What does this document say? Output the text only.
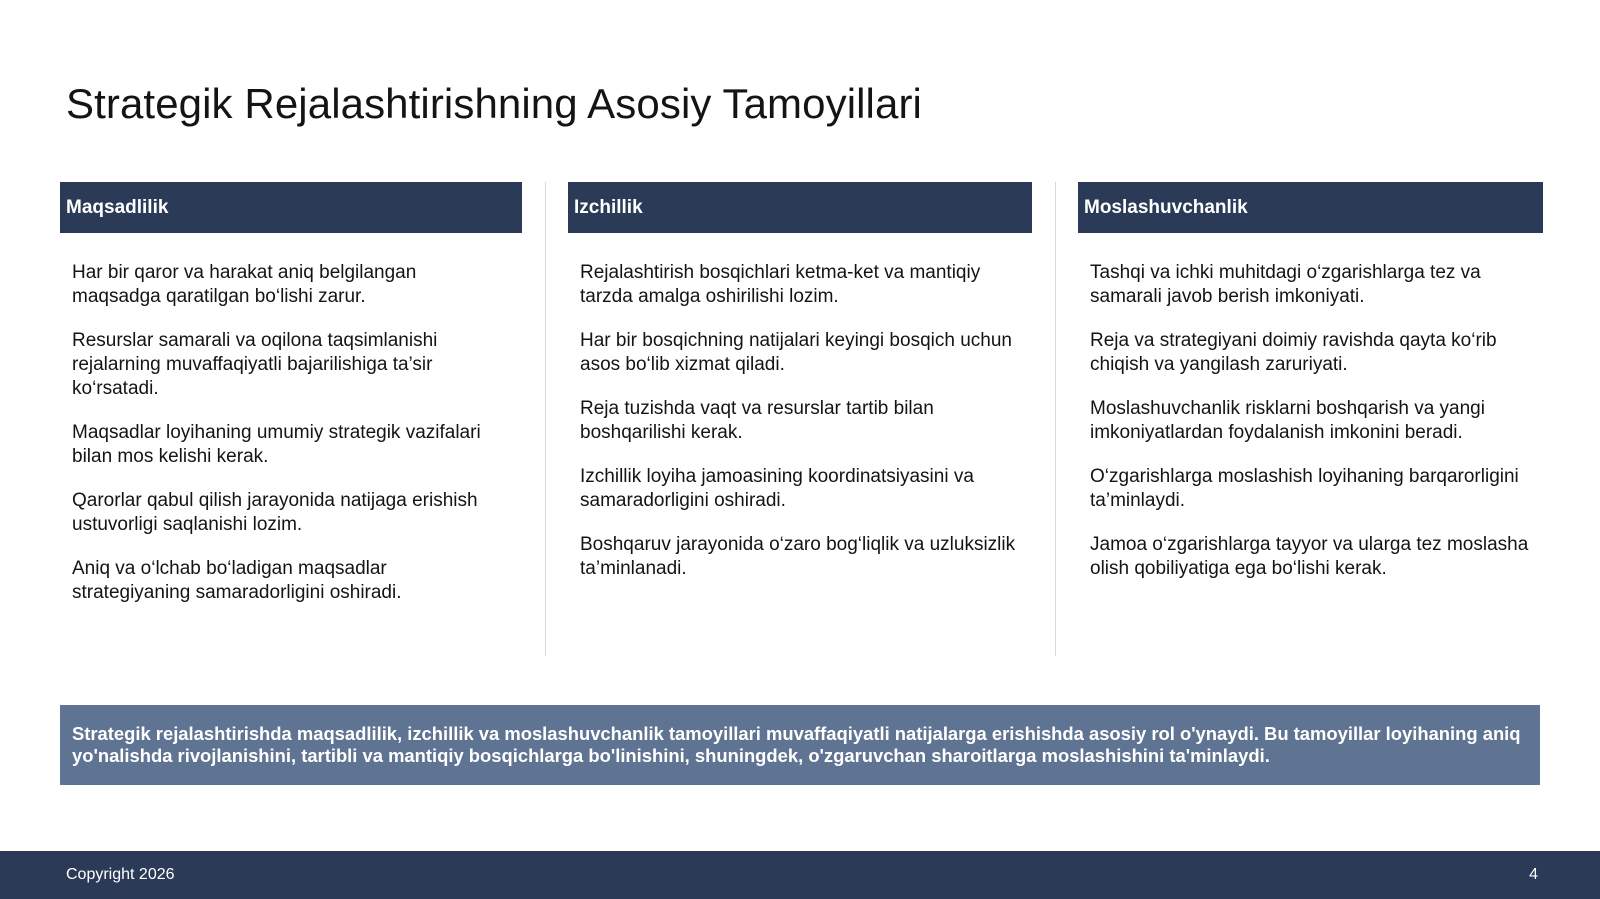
Strategik Rejalashtirishning Asosiy Tamoyillari
Maqsadlilik

Har bir qaror va harakat aniq belgilangan maqsadga qaratilgan bo‘lishi zarur.

Resurslar samarali va oqilona taqsimlanishi rejalarning muvaffaqiyatli bajarilishiga ta’sir ko‘rsatadi.

Maqsadlar loyihaning umumiy strategik vazifalari bilan mos kelishi kerak.

Qarorlar qabul qilish jarayonida natijaga erishish ustuvorligi saqlanishi lozim.

Aniq va o‘lchab bo‘ladigan maqsadlar strategiyaning samaradorligini oshiradi.

Izchillik

Rejalashtirish bosqichlari ketma-ket va mantiqiy tarzda amalga oshirilishi lozim.

Har bir bosqichning natijalari keyingi bosqich uchun asos bo‘lib xizmat qiladi.

Reja tuzishda vaqt va resurslar tartib bilan boshqarilishi kerak.

Izchillik loyiha jamoasining koordinatsiyasini va samaradorligini oshiradi.

Boshqaruv jarayonida o‘zaro bog‘liqlik va uzluksizlik ta’minlanadi.

Moslashuvchanlik

Tashqi va ichki muhitdagi o‘zgarishlarga tez va samarali javob berish imkoniyati.

Reja va strategiyani doimiy ravishda qayta ko‘rib chiqish va yangilash zaruriyati.

Moslashuvchanlik risklarni boshqarish va yangi imkoniyatlardan foydalanish imkonini beradi.

O‘zgarishlarga moslashish loyihaning barqarorligini ta’minlaydi.

Jamoa o‘zgarishlarga tayyor va ularga tez moslasha olish qobiliyatiga ega bo‘lishi kerak.

Strategik rejalashtirishda maqsadlilik, izchillik va moslashuvchanlik tamoyillari muvaffaqiyatli natijalarga erishishda asosiy rol o'ynaydi. Bu tamoyillar loyihaning aniq yo'nalishda rivojlanishini, tartibli va mantiqiy bosqichlarga bo'linishini, shuningdek, o'zgaruvchan sharoitlarga moslashishini ta'minlaydi.
Copyright 2026	4
